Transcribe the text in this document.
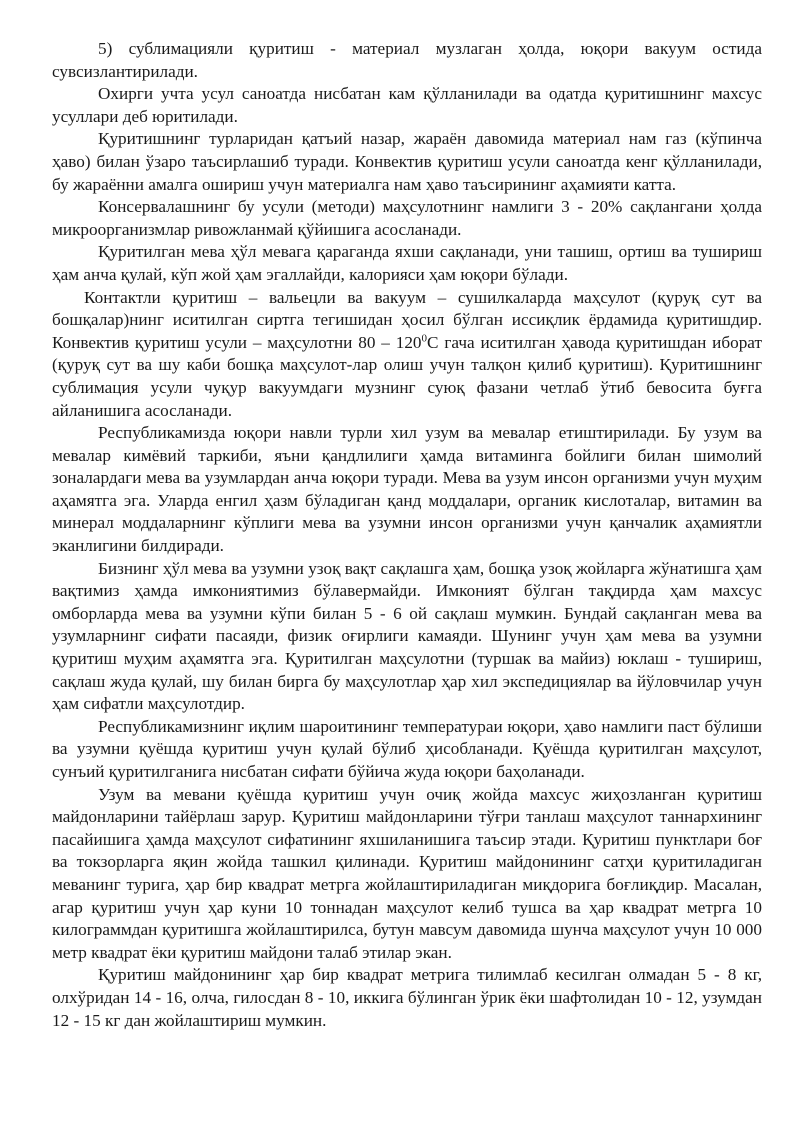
5) сублимацияли қуритиш - материал музлаган ҳолда, юқори вакуум остида сувсизлантирилади.

Охирги учта усул саноатда нисбатан кам қўлланилади ва одатда қуритишнинг махсус усуллари деб юритилади.

Қуритишнинг турларидан қатъий назар, жараён давомида материал нам газ (кўпинча ҳаво) билан ўзаро таъсирлашиб туради. Конвектив қуритиш усули саноатда кенг қўлланилади, бу жараённи амалга ошириш учун материалга нам ҳаво таъсирининг аҳамияти катта.

Консервалашнинг бу усули (методи) маҳсулотнинг намлиги 3 - 20% сақлангани ҳолда микроорганизмлар ривожланмай қўйишига асосланади.

Қуритилган мева ҳўл мевага қараганда яхши сақланади, уни ташиш, ортиш ва тушириш ҳам анча қулай, кўп жой ҳам эгаллайди, калорияси ҳам юқори бўлади.

Контактли қуритиш – вальецли ва вакуум – сушилкаларда маҳсулот (қуруқ сут ва бошқалар)нинг иситилган сиртга тегишидан ҳосил бўлган иссиқлик ёрдамида қуритишдир. Конвектив қуритиш усули – маҳсулотни $80 - 120^0С$ гача иситилган ҳавода қуритишдан иборат (қуруқ сут ва шу каби бошқа маҳсулот-лар олиш учун талқон қилиб қуритиш). Қуритишнинг сублимация усули чуқур вакуумдаги музнинг суюқ фазани четлаб ўтиб бевосита буғга айланишига асосланади.

Республикамизда юқори навли турли хил узум ва мевалар етиштирилади. Бу узум ва мевалар кимёвий таркиби, яъни қандлилиги ҳамда витаминга бойлиги билан шимолий зоналардаги мева ва узумлардан анча юқори туради. Мева ва узум инсон организми учун муҳим аҳамятга эга. Уларда енгил ҳазм бўладиган қанд моддалари, органик кислоталар, витамин ва минерал моддаларнинг кўплиги мева ва узумни инсон организми учун қанчалик аҳамиятли эканлигини билдиради.

Бизнинг ҳўл мева ва узумни узоқ вақт сақлашга ҳам, бошқа узоқ жойларга жўнатишга ҳам вақтимиз ҳамда имкониятимиз бўлавермайди. Имконият бўлган тақдирда ҳам махсус омборларда мева ва узумни кўпи билан 5 - 6 ой сақлаш мумкин. Бундай сақланган мева ва узумларнинг сифати пасаяди, физик оғирлиги камаяди. Шунинг учун ҳам мева ва узумни қуритиш муҳим аҳамятга эга. Қуритилган маҳсулотни (туршак ва майиз) юклаш - тушириш, сақлаш жуда қулай, шу билан бирга бу маҳсулотлар ҳар хил экспедициялар ва йўловчилар учун ҳам сифатли маҳсулотдир.

Республикамизнинг иқлим шароитининг температураи юқори, ҳаво намлиги паст бўлиши ва узумни қуёшда қуритиш учун қулай бўлиб ҳисобланади. Қуёшда қуритилган маҳсулот, сунъий қуритилганига нисбатан сифати бўйича жуда юқори баҳоланади.

Узум ва мевани қуёшда қуритиш учун очиқ жойда махсус жиҳозланган қуритиш майдонларини тайёрлаш зарур. Қуритиш майдонларини тўғри танлаш маҳсулот таннархининг пасайишига ҳамда маҳсулот сифатининг яхшиланишига таъсир этади. Қуритиш пунктлари боғ ва токзорларга яқин жойда ташкил қилинади. Қуритиш майдонининг сатҳи қуритиладиган меванинг турига, ҳар бир квадрат метрга жойлаштириладиган миқдорига боғлиқдир. Масалан, агар қуритиш учун ҳар куни 10 тоннадан маҳсулот келиб тушса ва ҳар квадрат метрга 10 килограммдан қуритишга жойлаштирилса, бутун мавсум давомида шунча маҳсулот учун 10 000 метр квадрат ёки қуритиш майдони талаб этилар экан.

Қуритиш майдонининг ҳар бир квадрат метрига тилимлаб кесилган олмадан 5 - 8 кг, олхўридан 14 - 16, олча, гилосдан 8 - 10, иккига бўлинган ўрик ёки шафтолидан 10 - 12, узумдан 12 - 15 кг дан жойлаштириш мумкин.
